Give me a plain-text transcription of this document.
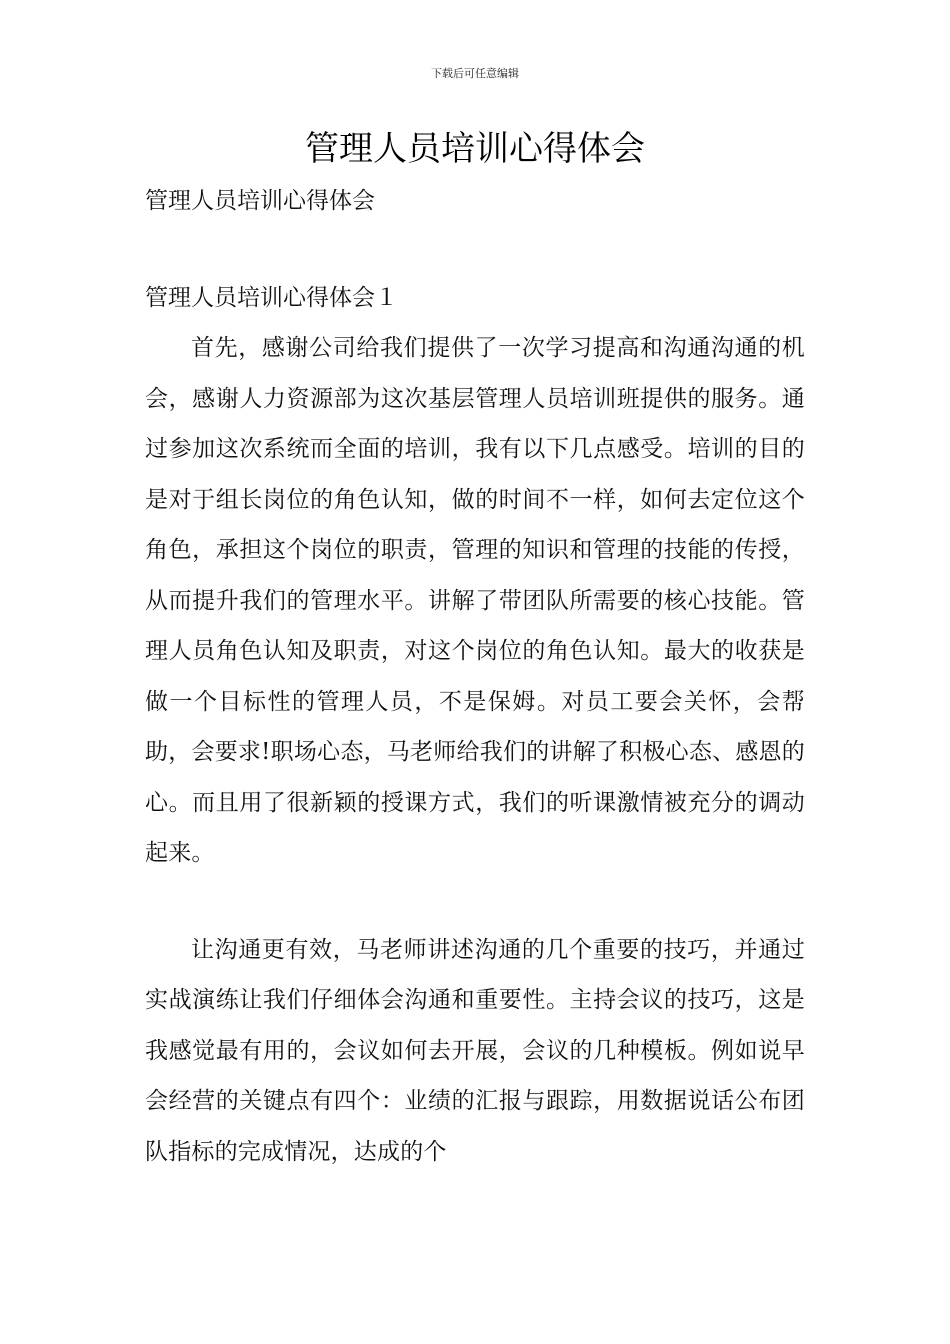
下载后可任意编辑
管理人员培训心得体会

管理人员培训心得体会

管理人员培训心得体会１

首先，感谢公司给我们提供了一次学习提高和沟通沟通的机会，感谢人力资源部为这次基层管理人员培训班提供的服务。通过参加这次系统而全面的培训，我有以下几点感受。培训的目的是对于组长岗位的角色认知，做的时间不一样，如何去定位这个角色，承担这个岗位的职责，管理的知识和管理的技能的传授，从而提升我们的管理水平。讲解了带团队所需要的核心技能。管理人员角色认知及职责，对这个岗位的角色认知。最大的收获是做一个目标性的管理人员，不是保姆。对员工要会关怀，会帮助，会要求!职场心态，马老师给我们的讲解了积极心态、感恩的心。而且用了很新颖的授课方式，我们的听课激情被充分的调动起来。

让沟通更有效，马老师讲述沟通的几个重要的技巧，并通过实战演练让我们仔细体会沟通和重要性。主持会议的技巧，这是我感觉最有用的，会议如何去开展，会议的几种模板。例如说早会经营的关键点有四个：业绩的汇报与跟踪，用数据说话公布团队指标的完成情况，达成的个
